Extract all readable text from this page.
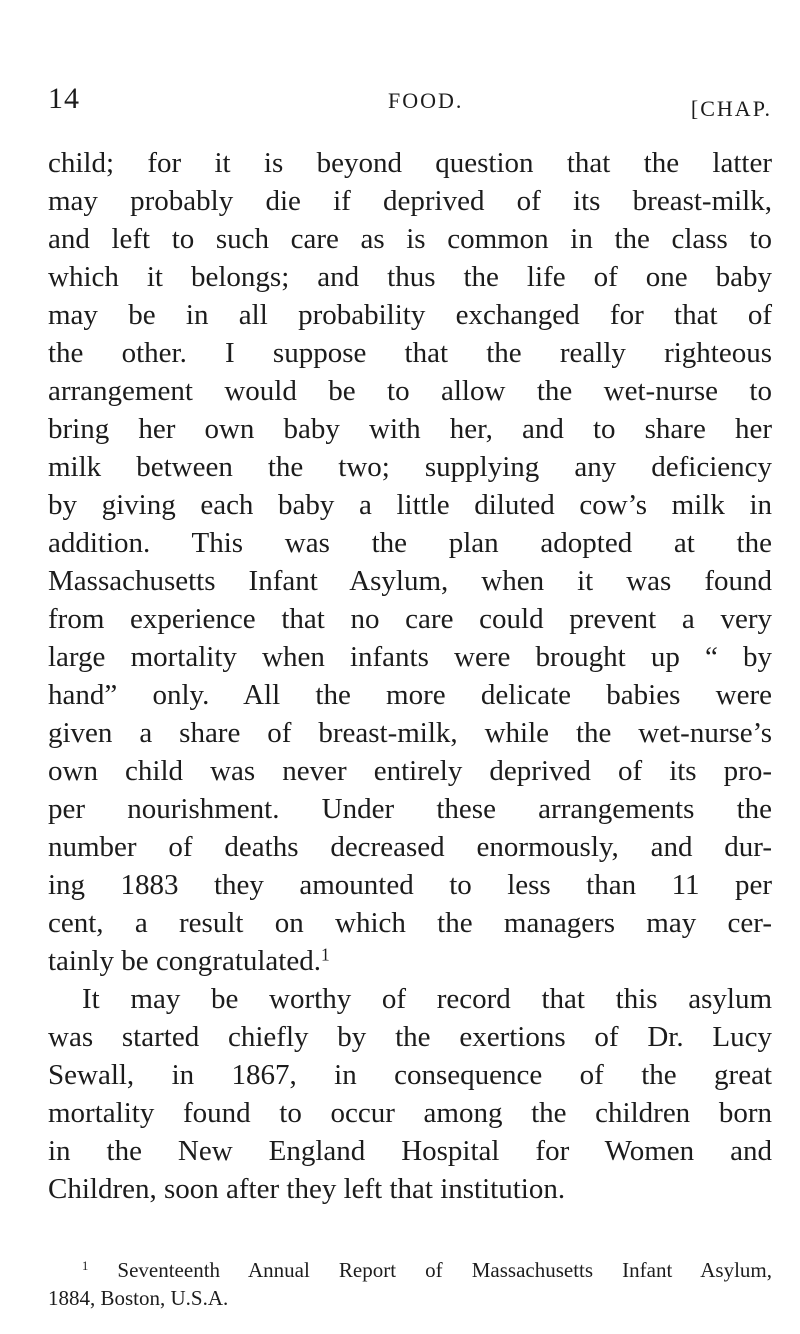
14	FOOD.	[CHAP.
child; for it is beyond question that the latter
may probably die if deprived of its breast-milk,
and left to such care as is common in the class to
which it belongs; and thus the life of one baby
may be in all probability exchanged for that of
the other. I suppose that the really righteous
arrangement would be to allow the wet-nurse to
bring her own baby with her, and to share her
milk between the two; supplying any deficiency
by giving each baby a little diluted cow’s milk in
addition. This was the plan adopted at the
Massachusetts Infant Asylum, when it was found
from experience that no care could prevent a very
large mortality when infants were brought up “ by
hand” only. All the more delicate babies were
given a share of breast-milk, while the wet-nurse’s
own child was never entirely deprived of its pro-
per nourishment. Under these arrangements the
number of deaths decreased enormously, and dur-
ing 1883 they amounted to less than 11 per
cent, a result on which the managers may cer-
tainly be congratulated.$^1$
It may be worthy of record that this asylum
was started chiefly by the exertions of Dr. Lucy
Sewall, in 1867, in consequence of the great
mortality found to occur among the children born
in the New England Hospital for Women and
Children, soon after they left that institution.
$^1$ Seventeenth Annual Report of Massachusetts Infant Asylum,
1884, Boston, U.S.A.
